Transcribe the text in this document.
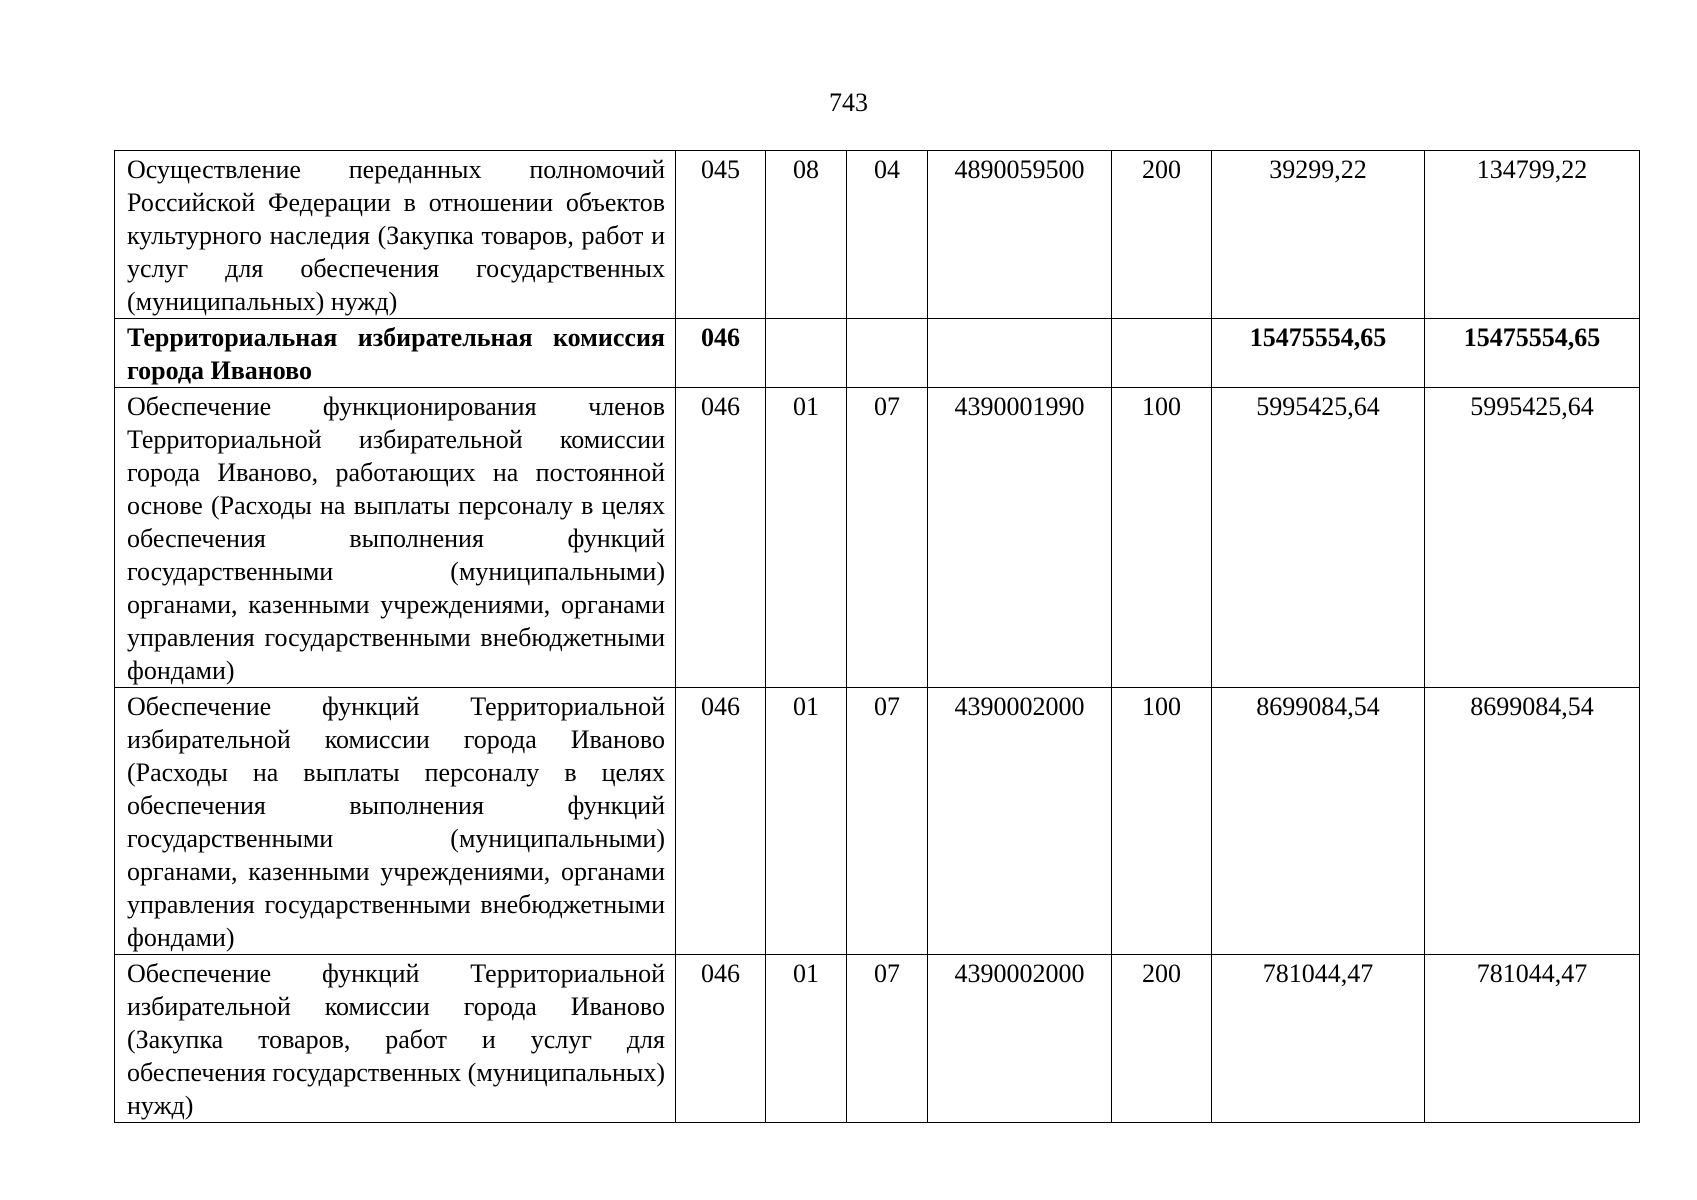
743
Осуществление переданных полномочий Российской Федерации в отношении объектов культурного наследия (Закупка товаров, работ и услуг для обеспечения государственных (муниципальных) нужд)	045	08	04	4890059500	200	39299,22	134799,22

Территориальная избирательная комиссия города Иваново	046					15475554,65	15475554,65

Обеспечение функционирования членов Территориальной избирательной комиссии города Иваново, работающих на постоянной основе (Расходы на выплаты персоналу в целях обеспечения выполнения функций государственными (муниципальными) органами, казенными учреждениями, органами управления государственными внебюджетными фондами)	046	01	07	4390001990	100	5995425,64	5995425,64

Обеспечение функций Территориальной избирательной комиссии города Иваново (Расходы на выплаты персоналу в целях обеспечения выполнения функций государственными (муниципальными) органами, казенными учреждениями, органами управления государственными внебюджетными фондами)	046	01	07	4390002000	100	8699084,54	8699084,54

Обеспечение функций Территориальной избирательной комиссии города Иваново (Закупка товаров, работ и услуг для обеспечения государственных (муниципальных) нужд)	046	01	07	4390002000	200	781044,47	781044,47
